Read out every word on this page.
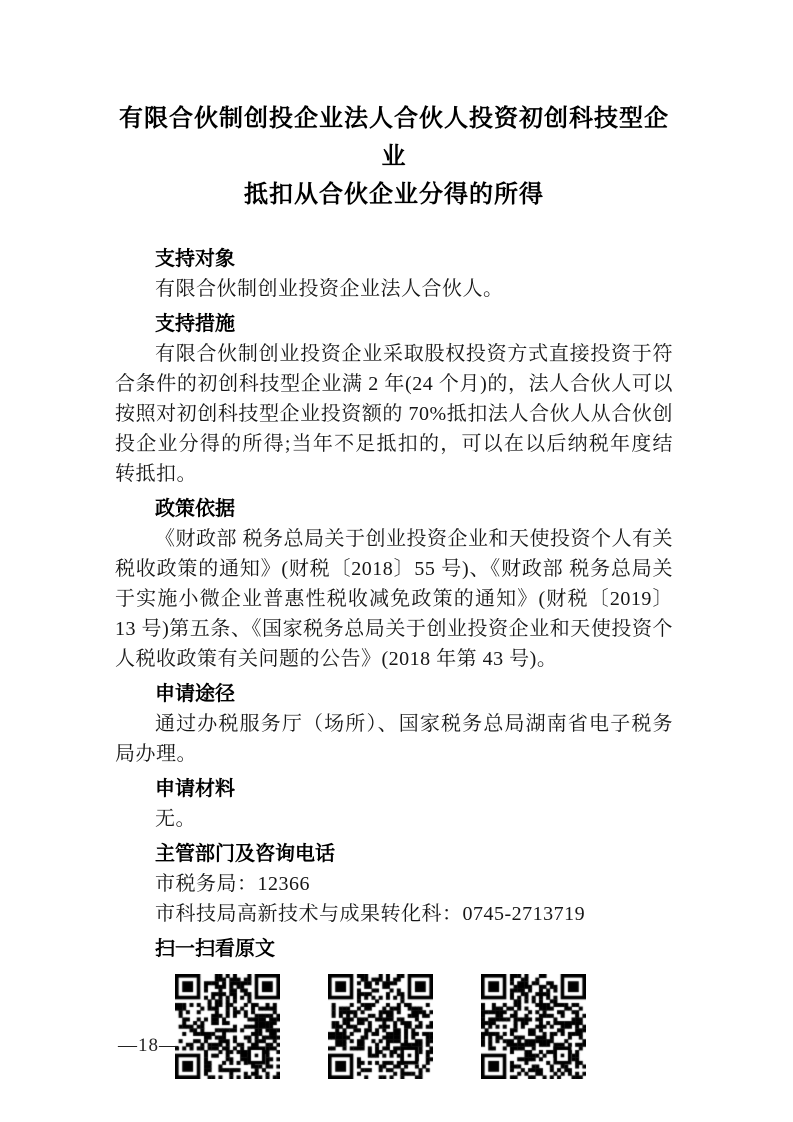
有限合伙制创投企业法人合伙人投资初创科技型企业
抵扣从合伙企业分得的所得
支持对象

有限合伙制创业投资企业法人合伙人。

支持措施

有限合伙制创业投资企业采取股权投资方式直接投资于符合条件的初创科技型企业满 2 年(24 个月)的，法人合伙人可以按照对初创科技型企业投资额的 70%抵扣法人合伙人从合伙创投企业分得的所得;当年不足抵扣的，可以在以后纳税年度结转抵扣。

政策依据

《财政部 税务总局关于创业投资企业和天使投资个人有关税收政策的通知》(财税〔2018〕55 号)、《财政部 税务总局关于实施小微企业普惠性税收减免政策的通知》(财税〔2019〕13 号)第五条、《国家税务总局关于创业投资企业和天使投资个人税收政策有关问题的公告》(2018 年第 43 号)。

申请途径

通过办税服务厅（场所）、国家税务总局湖南省电子税务局办理。

申请材料

无。

主管部门及咨询电话

市税务局：12366

市科技局高新技术与成果转化科：0745-2713719

扫一扫看原文
—18—
